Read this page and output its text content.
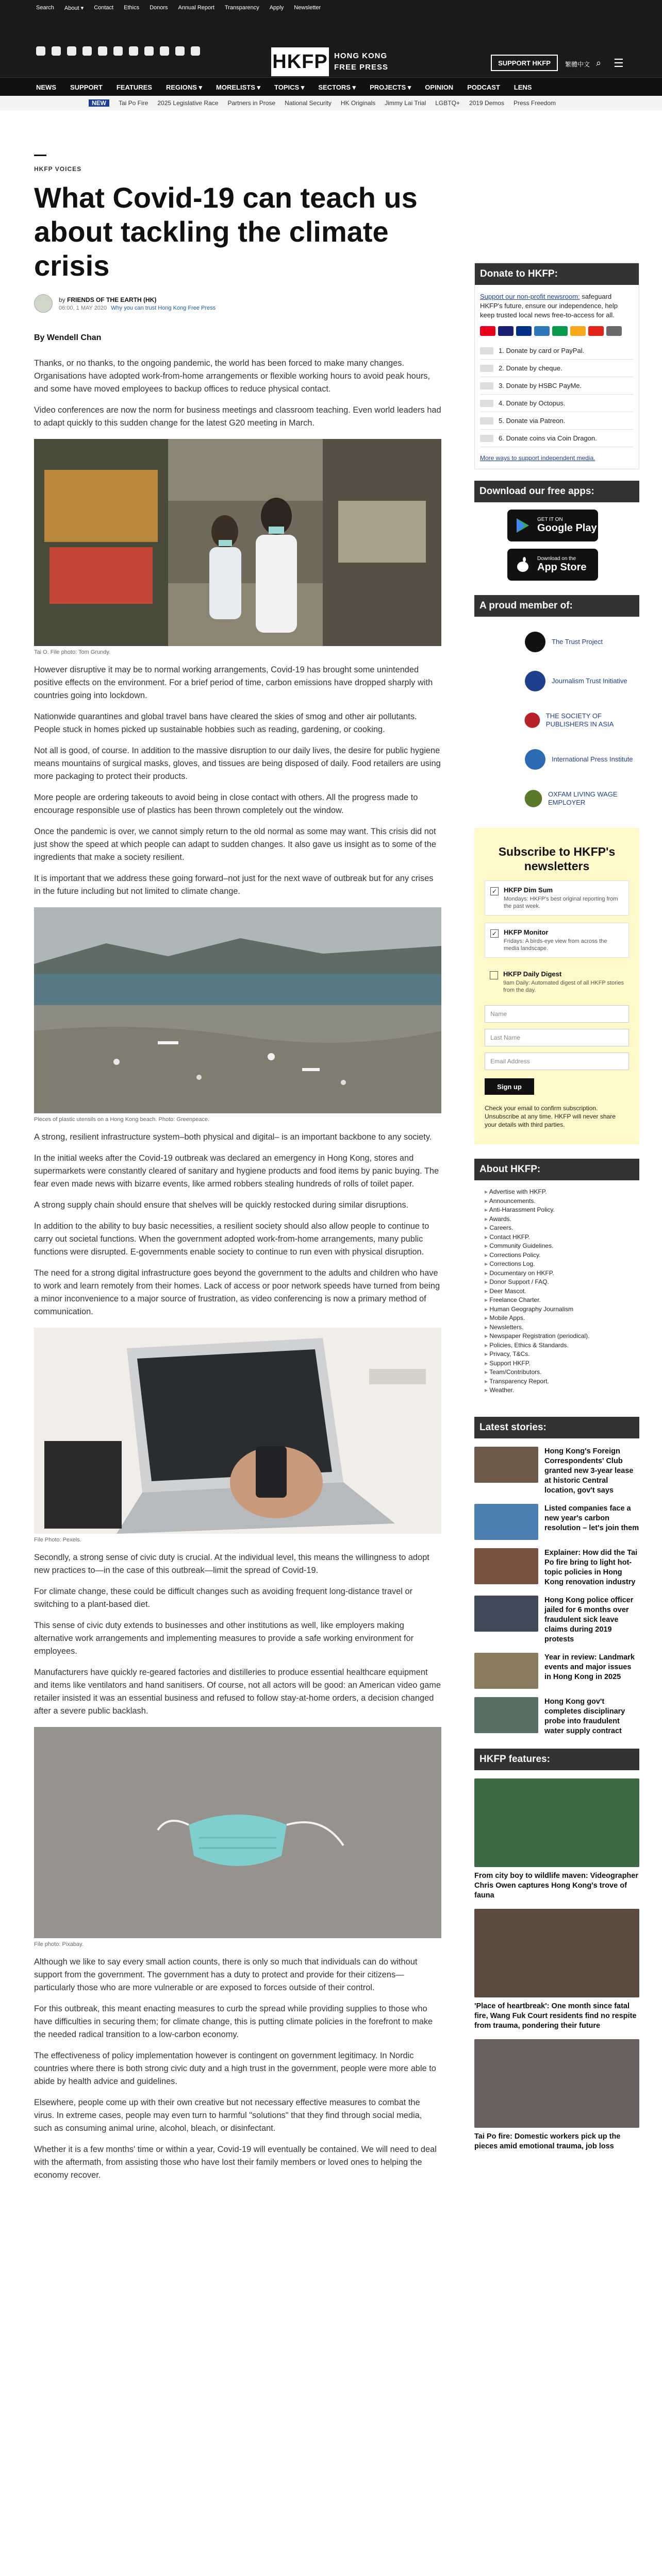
Search About ▾ Contact Ethics Donors Annual Report Transparency Apply Newsletter
HKFP HONG KONG
FREE PRESS	SUPPORT HKFP	繁體中文 ⌕ ☰
NEWS SUPPORT FEATURES REGIONS ▾ MORELISTS ▾ TOPICS ▾ SECTORS ▾ PROJECTS ▾ OPINION PODCAST LENS
NEW	Tai Po Fire 2025 Legislative Race Partners in Prose National Security HK Originals Jimmy Lai Trial LGBTQ+ 2019 Demos Press Freedom
HKFP VOICES
What Covid-19 can teach us about tackling the climate crisis
by FRIENDS OF THE EARTH (HK)
06:00, 1 MAY 2020 Why you can trust Hong Kong Free Press
By Wendell Chan

Thanks, or no thanks, to the ongoing pandemic, the world has been forced to make many changes. Organisations have adopted work-from-home arrangements or flexible working hours to avoid peak hours, and some have moved employees to backup offices to reduce physical contact.

Video conferences are now the norm for business meetings and classroom teaching. Even world leaders had to adapt quickly to this sudden change for the latest G20 meeting in March.

Tai O. File photo: Tom Grundy.

However disruptive it may be to normal working arrangements, Covid-19 has brought some unintended positive effects on the environment. For a brief period of time, carbon emissions have dropped sharply with countries going into lockdown.

Nationwide quarantines and global travel bans have cleared the skies of smog and other air pollutants. People stuck in homes picked up sustainable hobbies such as reading, gardening, or cooking.

Not all is good, of course. In addition to the massive disruption to our daily lives, the desire for public hygiene means mountains of surgical masks, gloves, and tissues are being disposed of daily. Food retailers are using more packaging to protect their products.

More people are ordering takeouts to avoid being in close contact with others. All the progress made to encourage responsible use of plastics has been thrown completely out the window.

Once the pandemic is over, we cannot simply return to the old normal as some may want. This crisis did not just show the speed at which people can adapt to sudden changes. It also gave us insight as to some of the ingredients that make a society resilient.

It is important that we address these going forward–not just for the next wave of outbreak but for any crises in the future including but not limited to climate change.

Pieces of plastic utensils on a Hong Kong beach. Photo: Greenpeace.

A strong, resilient infrastructure system–both physical and digital– is an important backbone to any society.

In the initial weeks after the Covid-19 outbreak was declared an emergency in Hong Kong, stores and supermarkets were constantly cleared of sanitary and hygiene products and food items by panic buying. The fear even made news with bizarre events, like armed robbers stealing hundreds of rolls of toilet paper.

A strong supply chain should ensure that shelves will be quickly restocked during similar disruptions.

In addition to the ability to buy basic necessities, a resilient society should also allow people to continue to carry out societal functions. When the government adopted work-from-home arrangements, many public functions were disrupted. E-governments enable society to continue to run even with physical disruption.

The need for a strong digital infrastructure goes beyond the government to the adults and children who have to work and learn remotely from their homes. Lack of access or poor network speeds have turned from being a minor inconvenience to a major source of frustration, as video conferencing is now a primary method of communication.

File Photo: Pexels.

Secondly, a strong sense of civic duty is crucial. At the individual level, this means the willingness to adopt new practices to—in the case of this outbreak—limit the spread of Covid-19.

For climate change, these could be difficult changes such as avoiding frequent long-distance travel or switching to a plant-based diet.

This sense of civic duty extends to businesses and other institutions as well, like employers making alternative work arrangements and implementing measures to provide a safe working environment for employees.

Manufacturers have quickly re-geared factories and distilleries to produce essential healthcare equipment and items like ventilators and hand sanitisers. Of course, not all actors will be good: an American video game retailer insisted it was an essential business and refused to follow stay-at-home orders, a decision changed after a severe public backlash.

File photo: Pixabay.

Although we like to say every small action counts, there is only so much that individuals can do without support from the government. The government has a duty to protect and provide for their citizens—particularly those who are more vulnerable or are exposed to forces outside of their control.

For this outbreak, this meant enacting measures to curb the spread while providing supplies to those who have difficulties in securing them; for climate change, this is putting climate policies in the forefront to make the needed radical transition to a low-carbon economy.

The effectiveness of policy implementation however is contingent on government legitimacy. In Nordic countries where there is both strong civic duty and a high trust in the government, people were more able to abide by health advice and guidelines.

Elsewhere, people come up with their own creative but not necessary effective measures to combat the virus. In extreme cases, people may even turn to harmful "solutions" that they find through social media, such as consuming animal urine, alcohol, bleach, or disinfectant.

Whether it is a few months' time or within a year, Covid-19 will eventually be contained. We will need to deal with the aftermath, from assisting those who have lost their family members or loved ones to helping the economy recover.

Donate to HKFP:
Support our non-profit newsroom: safeguard HKFP's future, ensure our independence, help keep trusted local news free-to-access for all.
1. Donate by card or PayPal.
2. Donate by cheque.
3. Donate by HSBC PayMe.
4. Donate by Octopus.
5. Donate via Patreon.
6. Donate coins via Coin Dragon.
More ways to support independent media.
Download our free apps:
GET IT ON
Google Play
Download on the
App Store
A proud member of:
The Trust Project
Journalism Trust Initiative
THE SOCIETY OF PUBLISHERS IN ASIA
International Press Institute
OXFAM LIVING WAGE EMPLOYER
Subscribe to HKFP's newsletters
✓ HKFP Dim Sum
Mondays: HKFP's best original reporting from the past week.
✓ HKFP Monitor
Fridays: A birds-eye view from across the media landscape.
HKFP Daily Digest
9am Daily: Automated digest of all HKFP stories from the day.
Name
Last Name
Email Address
Sign up
Check your email to confirm subscription. Unsubscribe at any time. HKFP will never share your details with third parties.
About HKFP:
▸ Advertise with HKFP.
▸ Announcements.
▸ Anti-Harassment Policy.
▸ Awards.
▸ Careers.
▸ Contact HKFP.
▸ Community Guidelines.
▸ Corrections Policy.
▸ Corrections Log.
▸ Documentary on HKFP.
▸ Donor Support / FAQ.
▸ Deer Mascot.
▸ Freelance Charter.
▸ Human Geography Journalism
▸ Mobile Apps.
▸ Newsletters.
▸ Newspaper Registration (periodical).
▸ Policies, Ethics & Standards.
▸ Privacy, T&Cs.
▸ Support HKFP.
▸ Team/Contributors.
▸ Transparency Report.
▸ Weather.
Latest stories:
Hong Kong's Foreign Correspondents' Club granted new 3-year lease at historic Central location, gov't says
Listed companies face a new year's carbon resolution – let's join them
Explainer: How did the Tai Po fire bring to light hot-topic policies in Hong Kong renovation industry
Hong Kong police officer jailed for 6 months over fraudulent sick leave claims during 2019 protests
Year in review: Landmark events and major issues in Hong Kong in 2025
Hong Kong gov't completes disciplinary probe into fraudulent water supply contract
HKFP features:
From city boy to wildlife maven: Videographer Chris Owen captures Hong Kong's trove of fauna
'Place of heartbreak': One month since fatal fire, Wang Fuk Court residents find no respite from trauma, pondering their future
Tai Po fire: Domestic workers pick up the pieces amid emotional trauma, job loss
